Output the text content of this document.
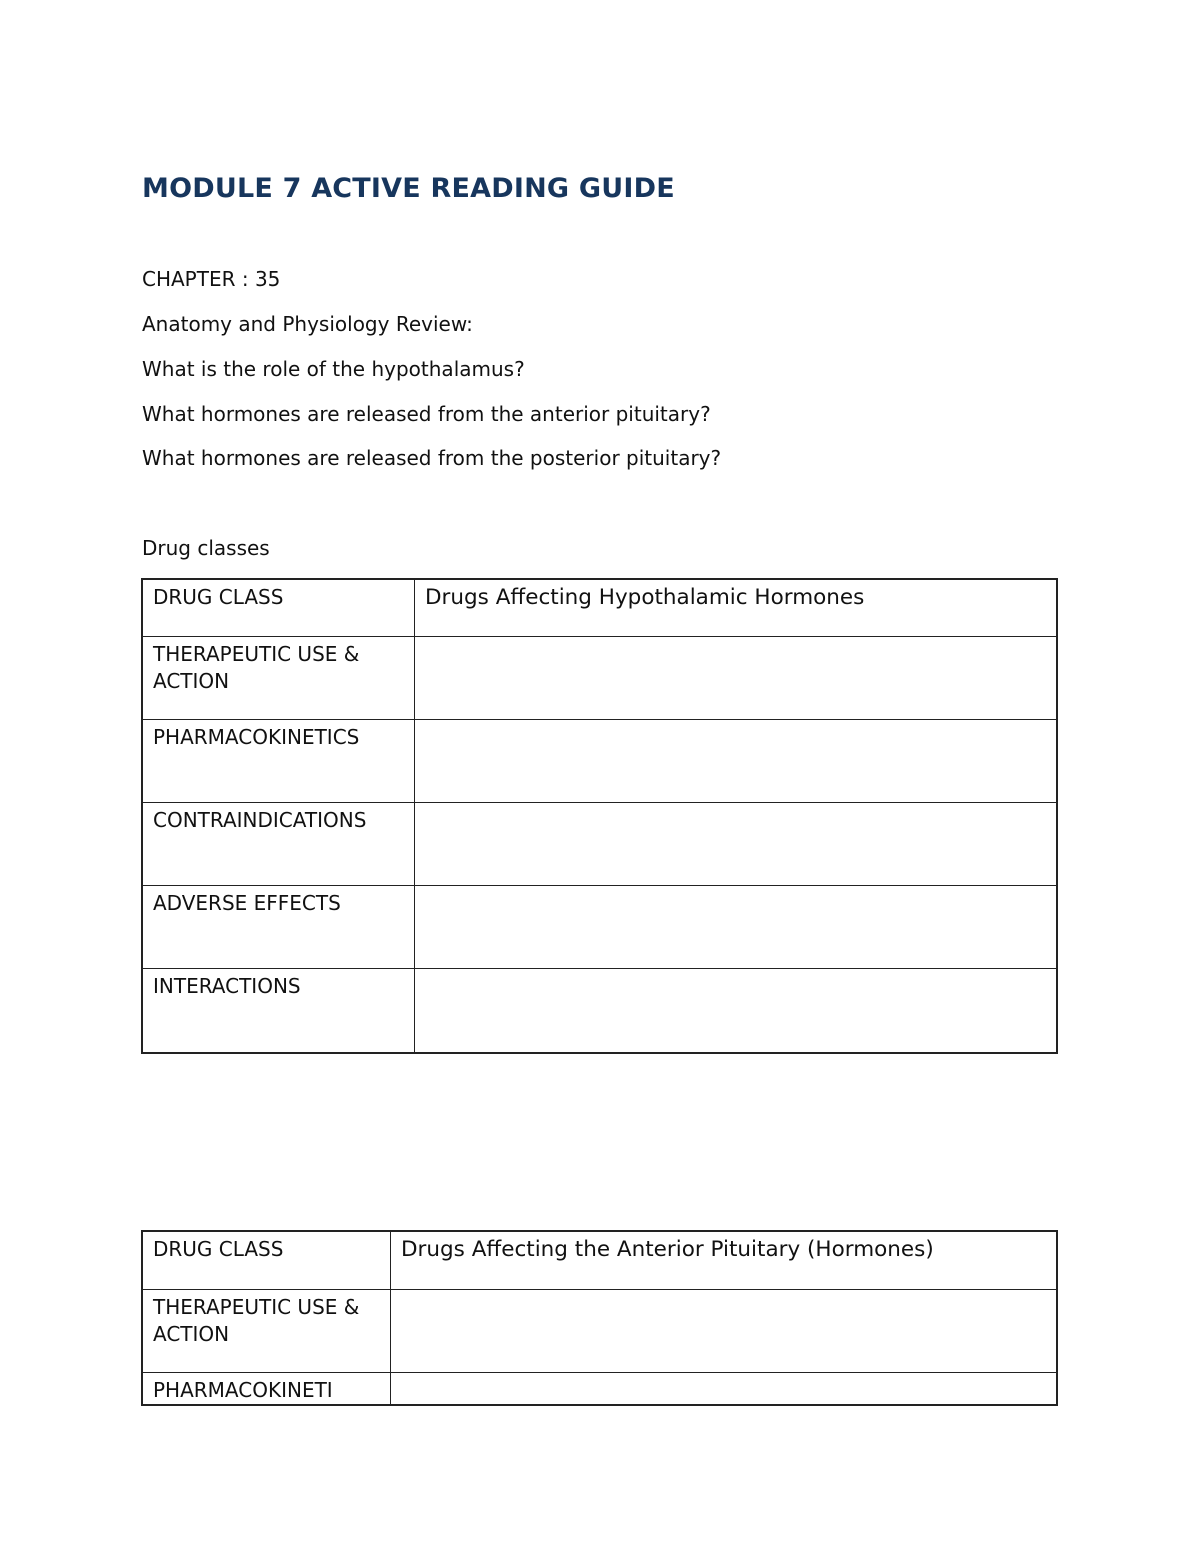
MODULE 7 ACTIVE READING GUIDE

CHAPTER : 35

Anatomy and Physiology Review:

What is the role of the hypothalamus?

What hormones are released from the anterior pituitary?

What hormones are released from the posterior pituitary?

Drug classes

DRUG CLASS	Drugs Affecting Hypothalamic Hormones
THERAPEUTIC USE & ACTION	
PHARMACOKINETICS	
CONTRAINDICATIONS	
ADVERSE EFFECTS	
INTERACTIONS	
DRUG CLASS	Drugs Affecting the Anterior Pituitary (Hormones)
THERAPEUTIC USE & ACTION	
PHARMACOKINETI	
